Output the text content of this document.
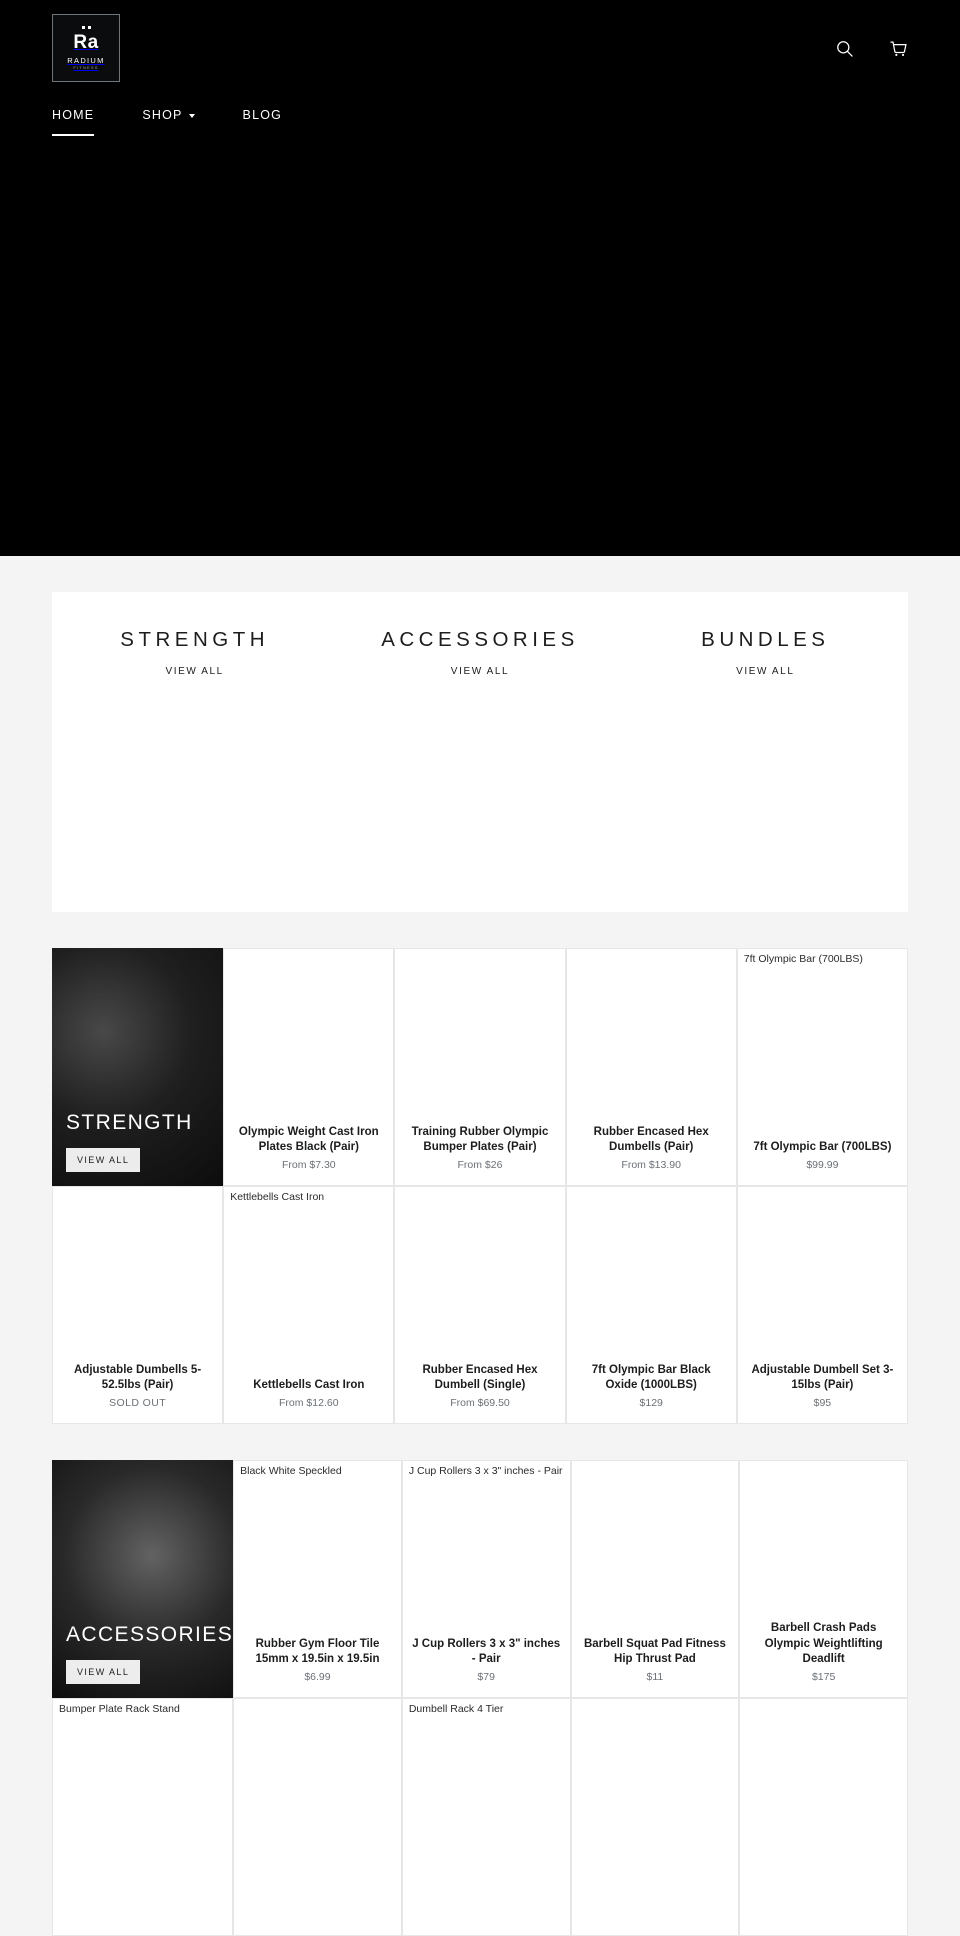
Ra
RADIUM
FITNESS
HOME	SHOP	BLOG
STRENGTH
VIEW ALL
ACCESSORIES
VIEW ALL
BUNDLES
VIEW ALL
STRENGTH
VIEW ALL
Olympic Weight Cast Iron Plates Black (Pair)
From $7.30
Training Rubber Olympic Bumper Plates (Pair)
From $26
Rubber Encased Hex Dumbells (Pair)
From $13.90
7ft Olympic Bar (700LBS)
7ft Olympic Bar (700LBS)
$99.99
Adjustable Dumbells 5-52.5lbs (Pair)
SOLD OUT
Kettlebells Cast Iron
Kettlebells Cast Iron
From $12.60
Rubber Encased Hex Dumbell (Single)
From $69.50
7ft Olympic Bar Black Oxide (1000LBS)
$129
Adjustable Dumbell Set 3-15lbs (Pair)
$95
ACCESSORIES
VIEW ALL
Black White Speckled
Rubber Gym Floor Tile 15mm x 19.5in x 19.5in
$6.99
J Cup Rollers 3 x 3" inches - Pair
J Cup Rollers 3 x 3" inches - Pair
$79
Barbell Squat Pad Fitness Hip Thrust Pad
$11
Barbell Crash Pads Olympic Weightlifting Deadlift
$175
Bumper Plate Rack Stand	Dumbell Rack 4 Tier
